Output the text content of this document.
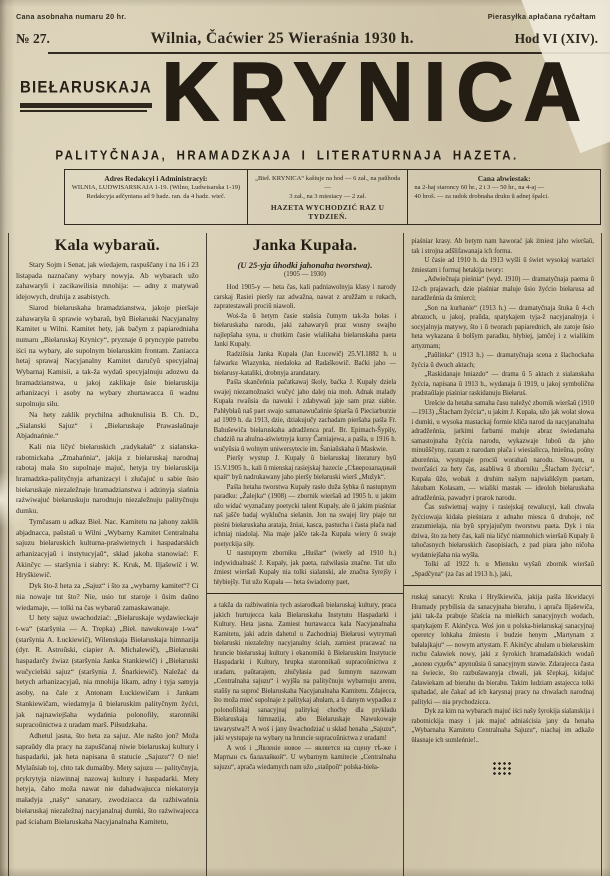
Cana asobnaha numaru 20 hr.	Pierasyłka apłačana ryčałtam
№ 27.	Wilnia, Čaćwier 25 Wieraśnia 1930 h.	Hod VI (XIV).
BIEŁARUSKAJA KRYNICA
PALITYČNAJA, HRAMADZKAJA I LITERATURNAJA HAZETA.
Adres Redakcyi i Administracyi:
WILNIA, LUDWISARSKAJA 1-19. (Wilno, Ludwisarska 1-19)
Redakcyja adčyniana ad 9 hadz. ran. da 4 hadz. wieč.
„Bieł. KRYNICA“ kaštuje na hod — 6 zał., na paŭhoda —
3 zał., na 3 miesiacy — 2 zał.
HAZETA WYCHODZIĆ RAZ U TYDZIEŃ.
Cana abwiestak:
na 2-haj staroncy 60 hr., 2 i 3 — 50 hr., na 4-aj —
40 hroš. — za radok drobnaha druku ŭ adnej špalci.
Kala wybaraŭ.

Stary Sojm i Senat, jak wiedajem, raspuščany i na 16 i 23 listapada naznačany wybary nowyja. Ab wybarach užo zahawaryli i zacikawilisia mnohija: — adny z matywaŭ idejowych, druhija z asabistych.

Siarod biełaruskaha hramadzianstwa, jakoje pieršaje zahawaryła ŭ sprawie wybaraŭ, byŭ Biełaruski Nacyjanalny Kamitet u Wilni. Kamitet hety, jak bačym z papiaredniaha numaru „Biełaruskaj Krynicy“, pryznaje ŭ pryncypie patrebu iści na wybary, ale supolnym biełaruskim frontam. Zaniacca hetaj sprawaj Nacyjanalny Kamitet daručyŭ specyjalnaj Wybarnaj Kamisii, a tak-ža wydaŭ specyjalnuju adozwu da hramadzianstwa, u jakoj zaklikaje ŭsie biełaruskija arhanizacyi i asoby na wybary zhurtawacca ŭ wadnu supolnuju siłu.

Na hety zaklik prychilna adhuknulisia B. Ch. D., „Sialanski Sajuz“ i „Biełaruskaje Prawasłaŭnaje Abjadnańnie.“

Kali nia ličyć biełaruskich „radykałaŭ“ z sialanska-rabotnickaha „Zmahańnia“, jakija z biełaruskaj narodnaj rabotaj mała što supolnaje majuć, hetyja try biełaruskija hramadzka-palityčnyja arhanizacyi i złučajuć u sabie ŭsio biełaruskaje niezaležnaje hramadzianstwa i adzinyja siańnia raźwiwajuć biełaruskuju narodnuju niezaležnuju palityčnuju dumku.

Tymčasam u adkaz Bieł. Nac. Kamitetu na jahony zaklik abjadnacca, paŭstaŭ u Wilni „Wybarny Kamitet Centralnaha sajuzu biełaruskich kulturna-praświetnych i haspadarskich arhanizacyjaŭ i instytucyjaŭ“, skład jakoha stanowiać: F. Akinčyc — staršynia i siabry: K. Kruk, M. Iljašewič i W. Hryškiewič.

Dyk što-ž heta za „Sajuz“ i što za „wybarny kamitet“? Ci nia nowaje tut što? Nie, usio tut staroje i ŭsim daŭno wiedamaje, — tolki na čas wybaraŭ zamaskawanaje.

U hety sajuz uwachodziać: „Biełaruskaje wydawieckaje t-wa“ (staršynia — A. Trepka) „Bieł. nawukowaje t-wa“ (staršynia A. Łuckiewič), Wilenskaja Biełaruskaja himnazija (dyr. R. Astroŭski, ciapier A. Michalewič), „Biełaruski haspadarčy źwiaz (staršynia Janka Stankiewič) i „Biełaruski wučycielski sajuz“ (staršynia J. Šnarkiewič). Naležać da hetych arhanizacyjaŭ, nia mnohija likam, adny i tyja samyja asoby, na čale z Antonam Łuckiewičam i Jankam Stankiewičam, wiedamyja ŭ biełaruskim palityčnym žyćci, jak najnawiejšaha wydańnia polonofiły, staronniki supracoŭnictwa z uradam marš. Piłsudzkaha.

Adhetul jasna, što heta za sajuz. Ale našto jon? Moža sapraŭdy dla pracy na zapuščanaj niwie biełaruskaj kultury i haspadarki, jak heta napisana ŭ statucie „Sajuzu“? O nie! Mylaŭsiab toj, chto tak dumaŭby. Mety sajuzu — palityčnyja, prykrytyja niawinnaj nazowaj kultury i haspadarki. Mety hetyja, čaho moža nawat nie dahadwajucca niekatoryja maładyja „našy“ sanatary, zwodziacca da raźbiwańnia biełaruskaj niezaležnaj nacyjanalnaj dumki, što raźwiwajecca pad ściaham Biełaruskaha Nacyjanalnaha Kamitetu,

Janka Kupała.
(U 25-yja ŭhodki jahonaha tworstwa).
(1905 — 1930)

Hod 1905-y — heta čas, kali padniawolnyja klasy i narody carskaj Rasiei pieršy raz adwažna, nawat z aružžam u rukach, zapratestawali prociŭ niawoli.

Woś-ža ŭ hetym časie staŭsia čutnym tak-ža hołas i biełaruskaha narodu, jaki zahawaryŭ praz wusny swajho najlepšaha syna, u chutkim časie wialikaha biełaruskaha paeta Janki Kupały.

Radziŭsia Janka Kupała (Jan Łucewič) 25.VI.1882 h. u falwarku Wiazynka, niedaloka ad Radaškowič. Baćki jaho — biełarusy-kataliki, drobnyja arandatary.

Paśla skančeńnia pačatkawaj školy, baćka J. Kupały dziela swajej niezamožnaści wučyć jaho dalej nia moh. Adnak malady Kupała rwaŭsia da nawuki i zdabywaŭ jaje sam praz siabie. Pahłybłaŭ naš paet swajo samanawučańnie śpiarša ŭ Pieciarburzie ad 1909 h. da 1913, dzie, dziakujučy zachadam pieršaha paśla Fr. Bahušewiča biełaruskaha adradženca praf. Br. Epimach-Šypily, chadziŭ na ahulna-aświetnyja kursy Čarniajewa, a paśla, u 1916 h. wučyŭsia ŭ wolnym uniwersytecie im. Šaniaŭskaha ŭ Maskwie.

Pieršy wystup J. Kupały ŭ biełaruskaj literatury byŭ 15.V.1905 h., kali ŭ mienskaj rasiejskaj hazecie „Сѣверозападный край“ byŭ nadrukawany jaho pieršy biełaruski wierš „Mužyk“.

Paśla hetaha tworstwa Kupały rasło duža šybka ŭ nastupnym paradku: „Žalejka“ (1908) — zbornik wieršaŭ ad 1905 h. u jakim užo widać wyznačany poetycki talent Kupały, ale ŭ jakim piaśniar naš jašče badaj wyklučna sielanin. Jon na swajej liry piaje tut pieśni biełaruskaha arataja, žniai, kasca, pastucha i časta płača nad ichniaj niadolaj. Nia maje jašče tak-ža Kupała wiery ŭ swaje poetyckija siły.

U nastupnym zborniku „Huślar“ (wieršy ad 1910 h.) indywidualnaść J. Kupały, jak paeta, raźwiłasia značne. Tut užo źmiest wieršaŭ Kupały nia tolki sialanski, ale značna šyrejšy i hłybiejšy. Tut užo Kupała — heta świadomy paet,

a takža da raźbiwańnia tych asiarodkaŭ biełaruskaj kultury, praca jakich hurtujecca kala Biełaruskaha Instytutu Haspadarki i Kultury. Heta jasna. Zamiest hurtawacca kala Nacyjanalnaha Kamitetu, jaki adzin dahetul u Zachodniaj Biełarusi wytrymaŭ biełaruski niezaležny nacyjanalny ściah, zamiest pracawać na hruncie biełaruskaj kultury i ekanomiki ŭ Biełaruskim Instytucie Haspadarki i Kultury, hrupka staronnikaŭ supracoŭnictwa z uradam, paŭtarajem, złučyłasia pad šumnym nazowam „Centralnaha sajuzu“ i wyjšła na palityčnuju wybarnuju arenu, staŭšy na suproć Biełaruskaha Nacyjanalnaha Kamitetu. Zdajecca, što moža mieć supolnaje z palitykaj ahułam, a ŭ danym wypadku z polonofilskaj sanacyjnaj palitykaj choćby dla prykładu Biełaruskaja himnazija, abo Biełaruskaje Nawukowaje tawarystwa?! A woś i jany ŭwachodziać u skład henaha „Sajuzu“, jaki wystupaje na wybary na hruncie supracoŭnictwa z uradam!

A woś i „Явленіе новое — является на сцену тѣ-же i Мартын съ балалайкой“. U wybarnym kamitecie „Centralnaha sajuzu“, aprača wiedamych nam užo „staŭpoŭ“ polska-bieła-

piaśniar krasy. Ab hetym nam haworać jak źmiest jaho wieršaŭ, tak i strojna adšlifawanaja ich forma.

U časie ad 1910 h. da 1913 wyšli ŭ świet wysokaj wartaści źmiestam i formaj hetakija twory:

„Adwiečnaja pieśnia“ (wyd. 1910) — dramatyčnaja paema ŭ 12-ch prajawach, dzie piaśniar maluje ŭsio žyćcio biełarusa ad naradžeńnia da śmierci;

„Son na kurhanie“ (1913 h.) — dramatyčnaja štuka ŭ 4-ch abrazoch, u jakoj, praŭda, spatykajem tyja-ž nacyjanalnyja i socyjalnyja matywy, što i ŭ tworach papiarednich, ale zatoje ŭsio heta wykazana ŭ bolšym paradku, hłybiej, jamčej i z wialikim artyzmam;

„Paŭlinka“ (1913 h.) — dramatyčnaja scena z šlachockaha žyćcia ŭ dwuch aktach;

„Raskidanaje hniazdo“ — drama ŭ 5 aktach z sialanskaha žyćcia, napisana ŭ 1913 h., wydanaja ŭ 1919, u jakoj symbolična pradstaŭlaje piaśniar raskidanuju Biełaruś.

Urešcie da hetaha samaha času naležyć zbornik wieršaŭ (1910—1913) „Šlacham žyćcia“, u jakim J. Kupała, užo jak wołat słowa i dumki, u wysoka mastackaj formie kliča narod da nacyjanalnaha adradžeńnia, jarkimi farbami maluje abraz świedamaha samastojnaha žyćcia narodu, wykazwaje luboŭ da jaho minuŭščyny, razam z narodam płača i wiesialicca, hnieŭna, poŭny abureńnia, wystupaje prociŭ worahaŭ narodu. Słowam, u tworčaści za hety čas, asabliwa ŭ zborniku „Šlacham žyćcia“, Kupała ŭžo, wobak z druhim našym najwialikšym paetam, Jakubam Kołasam, — wialiki mastak — ideoloh biełaruskaha adradžeńnia, pawadyr i prarok narodu.

Čas suświetnaj wajny i rasiejskaj rewalucyi, kali chwala žyćciowaja kidała pieśniara z adnaho miesca ŭ druhoje, reč zrazumiełaja, nia byŭ spryjajučym tworstwu paeta. Dyk i nia dziwa, što za hety čas, kali nia ličyć niamnohich wieršaŭ Kupały ŭ tahočasnych biełaruskich časopisiach, z pad piara jaho ničoha wydatniejšaha nia wyšła.

Tolki až 1922 h. u Miensku wyšaŭ zbornik wieršaŭ „Spadčyna“ (za čas ad 1913 h.), jaki,

ruskaj sanacyi: Kruka i Hryškiewiča, jakija paśla likwidacyi Hramady prybilisia da sanacyjnaha bierahu, i aprača Iljašewiča, jaki tak-ža prabuje ščaścia na miełkich sanacyjnych wodach, spatykajem F. Akinčyca. Woś jon u polska-biełaruskaj sanacyjnaj operetcy lohkaha źmiestu i budzie henym „Martynam z bałałajkaju“ — nowym artystam. F. Akinčyc ahułam u biełaruskim ruchu čaławiek nowy, jaki z šyrokich hramadaŭskich wodaŭ „волею судебъ“ apynuŭsia ŭ sanacyjnym stawie. Zdarajecca časta na świecie, što razbušawanyja chwali, jak ščepkaj, kidajuć čaławiekam ad bierahu da bierahu. Takim ludziam astajecca tolki spahadać, ale čakać ad ich karysnaj pracy na chwalach narodnaj palityki — nia prychodzicca.

Dyk za kim na wybarach majuć iści našy šyrokija sialanskija i rabotnickija masy i jak majuć adniaścisia jany da henaha „Wybarnaha Kamitetu Centralnaha Sajuzu“, niachaj im adkaže ŭłasnaje ich sumleńnie!..
